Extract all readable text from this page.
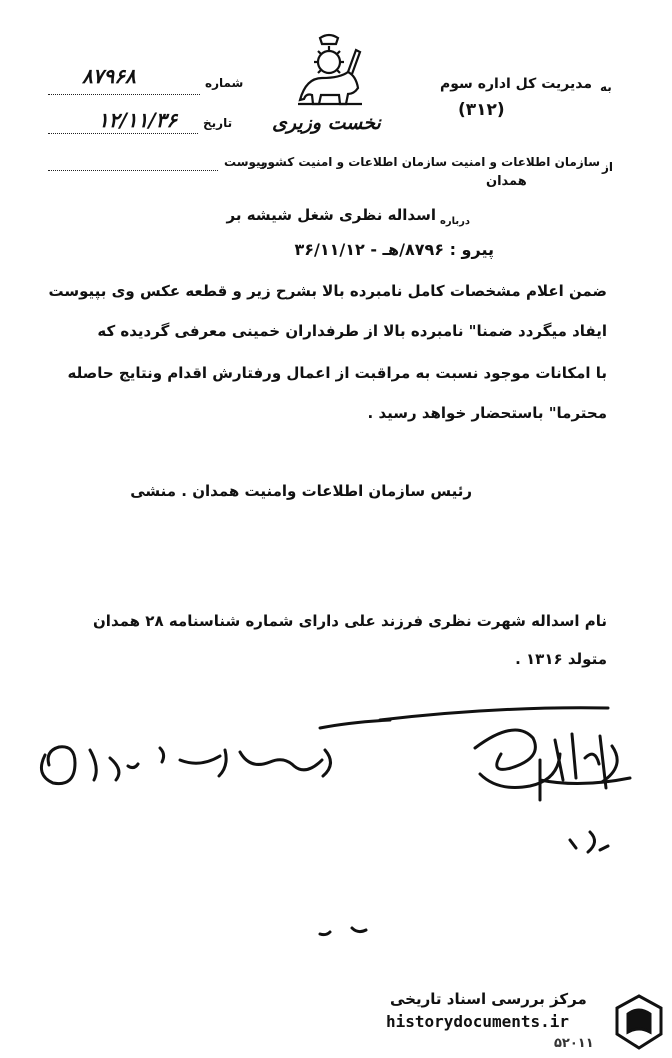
نخست وزیری
شماره
۸۷۹۶۸
تاریخ
۱۲/۱۱/۳۶
پیوست
به
مدیریت کل اداره سوم
(۳۱۲)
از
سازمان اطلاعات و امنیت سازمان اطلاعات و امنیت کشور
همدان
درباره
اسداله نظری شغل شیشه بر
پیرو : ۸۷۹۶/هـ - ۳۶/۱۱/۱۲
ضمن اعلام مشخصات کامل نامبرده بالا بشرح زیر و قطعه عکس وی بپیوست
ایفاد میگردد ضمنا" نامبرده بالا از طرفداران خمینی معرفی گردیده که
با امکانات موجود نسبت به مراقبت از اعمال ورفتارش اقدام ونتایج حاصله
محترما" باستحضار خواهد رسید .
رئیس سازمان اطلاعات وامنیت همدان . منشی
نام اسداله شهرت نظری فرزند علی دارای شماره شناسنامه ۲۸ همدان
متولد ۱۳۱۶ .
مرکز بررسی اسناد تاریخی
historydocuments.ir
۵۲۰۱۱
